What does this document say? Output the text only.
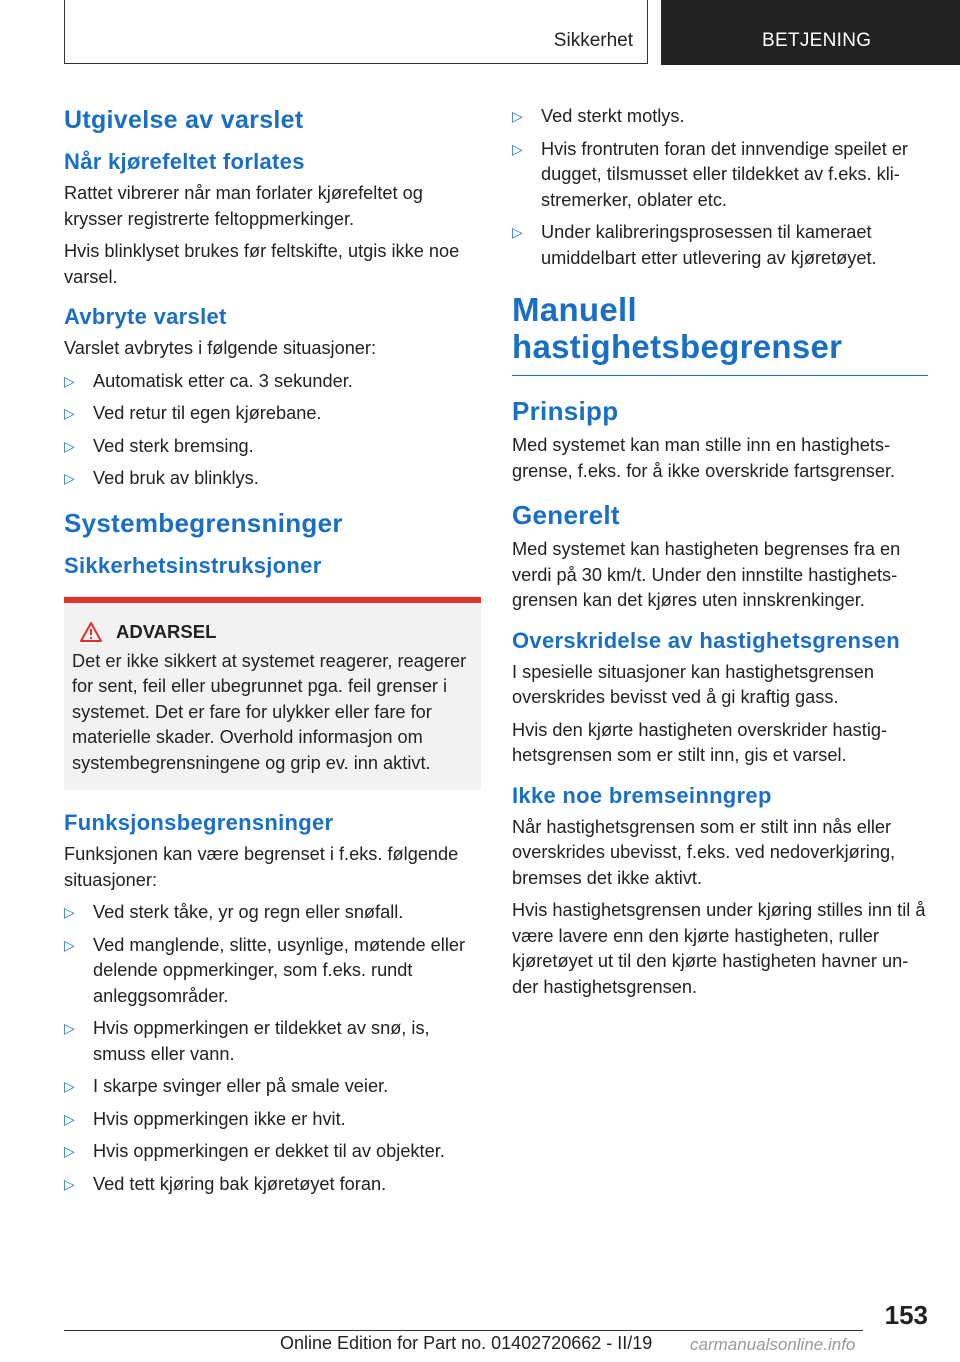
Sikkerhet	BETJENING
Utgivelse av varslet
Når kjørefeltet forlates

Rattet vibrerer når man forlater kjørefeltet og krysser registrerte feltoppmerkinger.

Hvis blinklyset brukes før feltskifte, utgis ikke noe varsel.

Avbryte varslet

Varslet avbrytes i følgende situasjoner:

▷ Automatisk etter ca. 3 sekunder.
▷ Ved retur til egen kjørebane.
▷ Ved sterk bremsing.
▷ Ved bruk av blinklys.
Systembegrensninger
Sikkerhetsinstruksjoner
ADVARSEL

Det er ikke sikkert at systemet reagerer, reagerer for sent, feil eller ubegrunnet pga. feil grenser i systemet. Det er fare for ulykker eller fare for materielle skader. Overhold informasjon om systembegrensningene og grip ev. inn aktivt.

Funksjonsbegrensninger

Funksjonen kan være begrenset i f.eks. følgende situasjoner:

▷ Ved sterk tåke, yr og regn eller snøfall.
▷ Ved manglende, slitte, usynlige, møtende eller delende oppmerkinger, som f.eks. rundt anleggsområder.
▷ Hvis oppmerkingen er tildekket av snø, is, smuss eller vann.
▷ I skarpe svinger eller på smale veier.
▷ Hvis oppmerkingen ikke er hvit.
▷ Hvis oppmerkingen er dekket til av objekter.
▷ Ved tett kjøring bak kjøretøyet foran.
▷ Ved sterkt motlys.
▷ Hvis frontruten foran det innvendige speilet er dugget, tilsmusset eller tildekket av f.eks. klistremerker, oblater etc.
▷ Under kalibreringsprosessen til kameraet umiddelbart etter utlevering av kjøretøyet.
Manuell hastighetsbegrenser
Prinsipp

Med systemet kan man stille inn en hastighetsgrense, f.eks. for å ikke overskride fartsgrenser.

Generelt

Med systemet kan hastigheten begrenses fra en verdi på 30 km/t. Under den innstilte hastighetsgrensen kan det kjøres uten innskrenkinger.

Overskridelse av hastighetsgrensen

I spesielle situasjoner kan hastighetsgrensen overskrides bevisst ved å gi kraftig gass.

Hvis den kjørte hastigheten overskrider hastighetsgrensen som er stilt inn, gis et varsel.

Ikke noe bremseinngrep

Når hastighetsgrensen som er stilt inn nås eller overskrides ubevisst, f.eks. ved nedoverkjøring, bremses det ikke aktivt.

Hvis hastighetsgrensen under kjøring stilles inn til å være lavere enn den kjørte hastigheten, ruller kjøretøyet ut til den kjørte hastigheten havner under hastighetsgrensen.

153
Online Edition for Part no. 01402720662 - II/19 carmanualsonline.info
